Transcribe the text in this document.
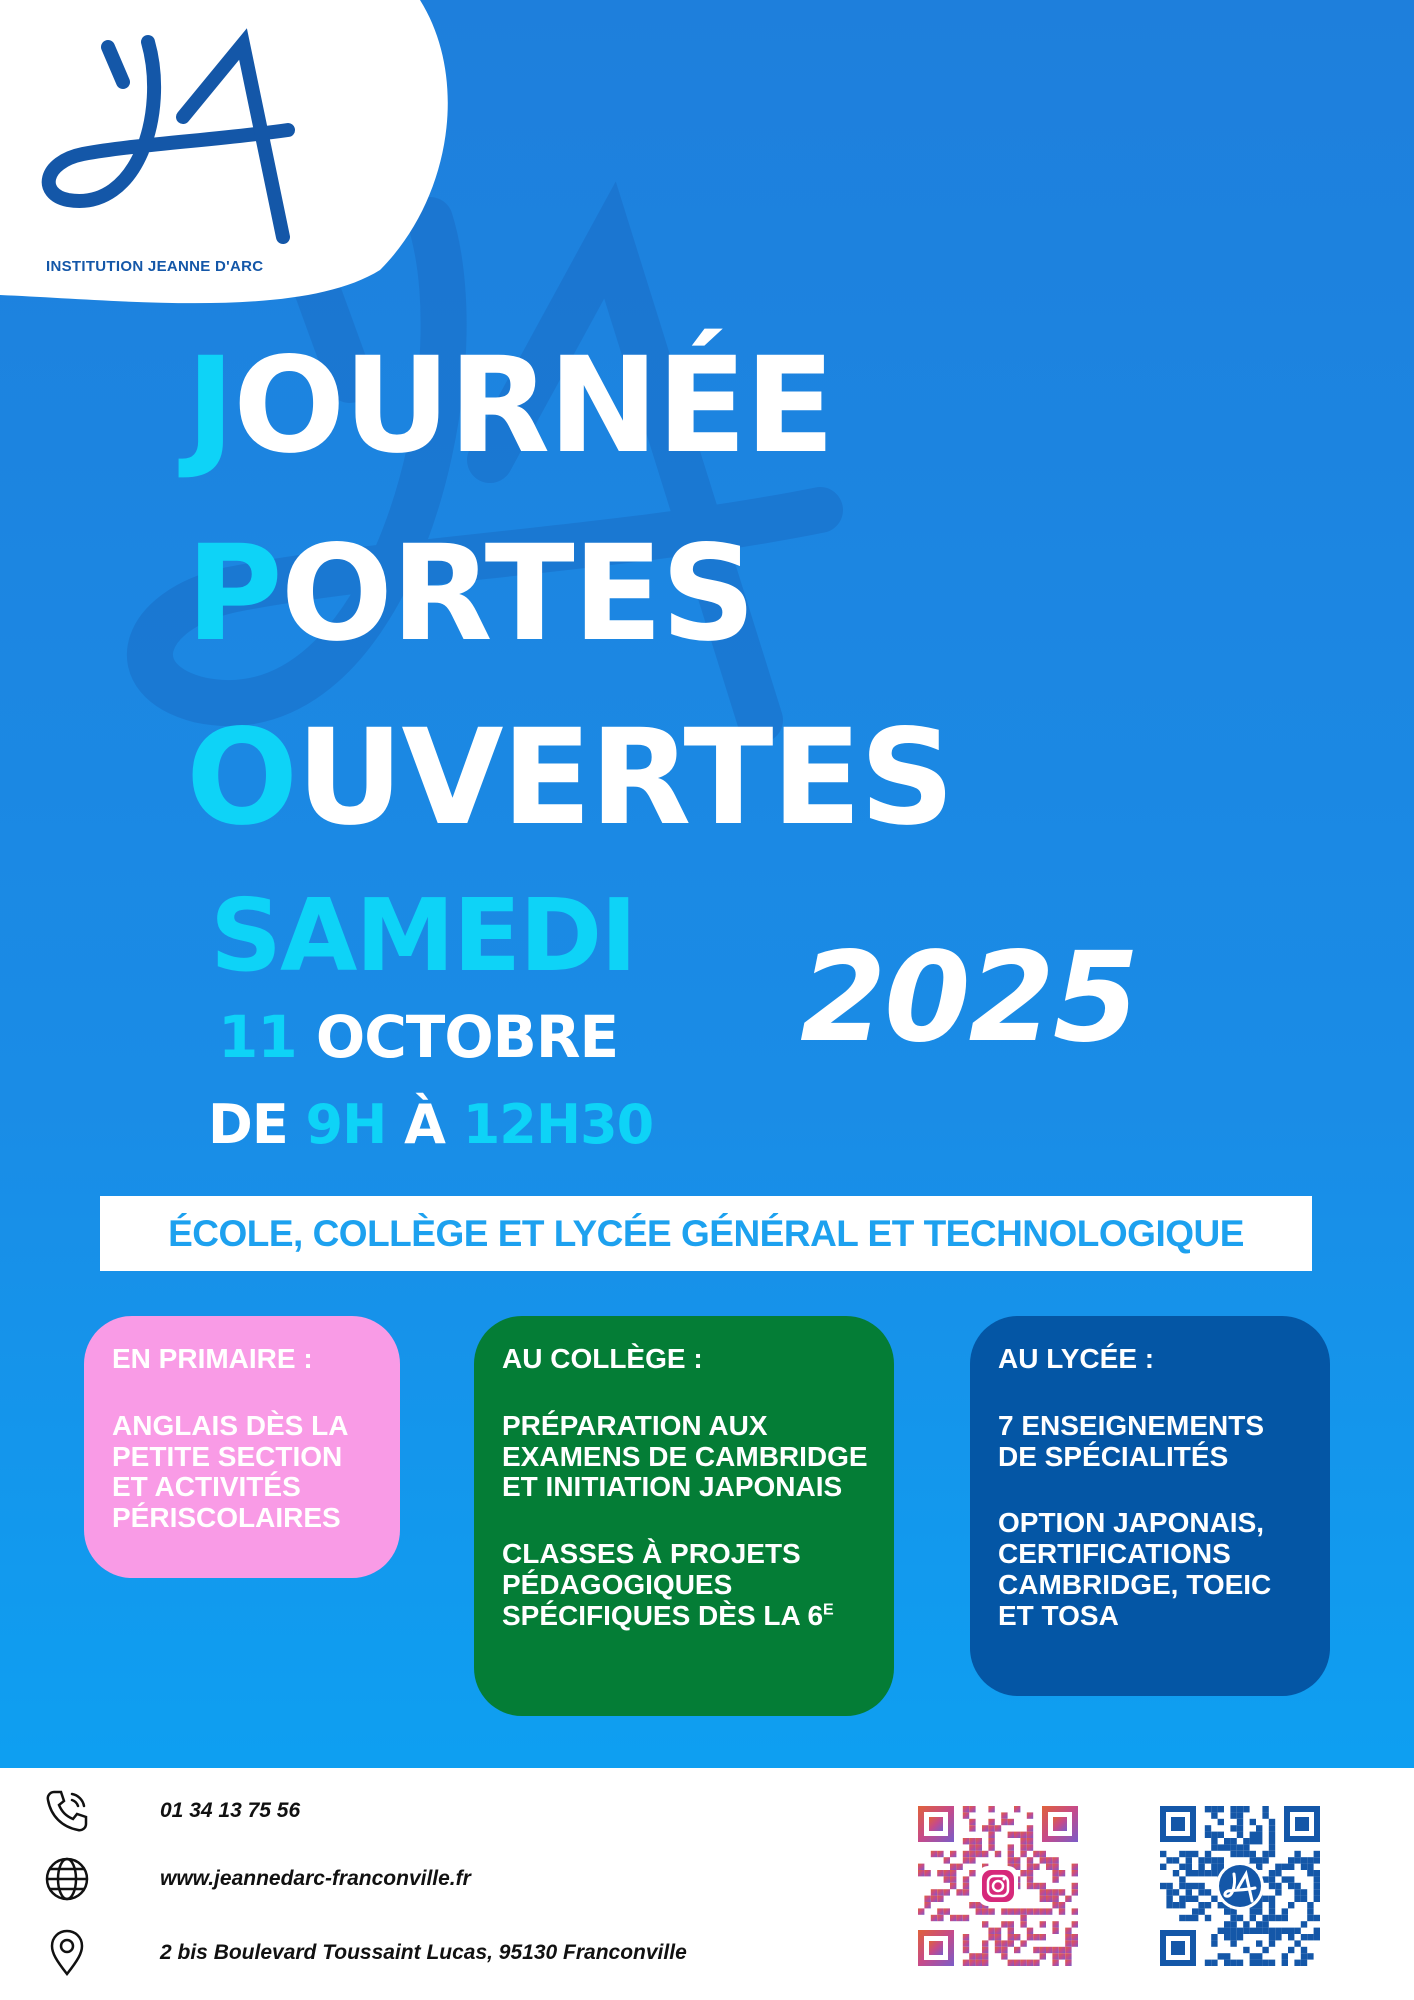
INSTITUTION JEANNE D'ARC
JOURNÉE
PORTES
OUVERTES
SAMEDI
11 OCTOBRE
DE 9H À 12H30
2025
ÉCOLE, COLLÈGE ET LYCÉE GÉNÉRAL ET TECHNOLOGIQUE

EN PRIMAIRE :

ANGLAIS DÈS LA PETITE SECTION ET ACTIVITÉS PÉRISCOLAIRES

AU COLLÈGE :

PRÉPARATION AUX EXAMENS DE CAMBRIDGE ET INITIATION JAPONAIS

CLASSES À PROJETS PÉDAGOGIQUES SPÉCIFIQUES DÈS LA $6^E$

AU LYCÉE :

7 ENSEIGNEMENTS DE SPÉCIALITÉS

OPTION JAPONAIS, CERTIFICATIONS CAMBRIDGE, TOEIC ET TOSA

01 34 13 75 56
www.jeannedarc-franconville.fr
2 bis Boulevard Toussaint Lucas, 95130 Franconville
